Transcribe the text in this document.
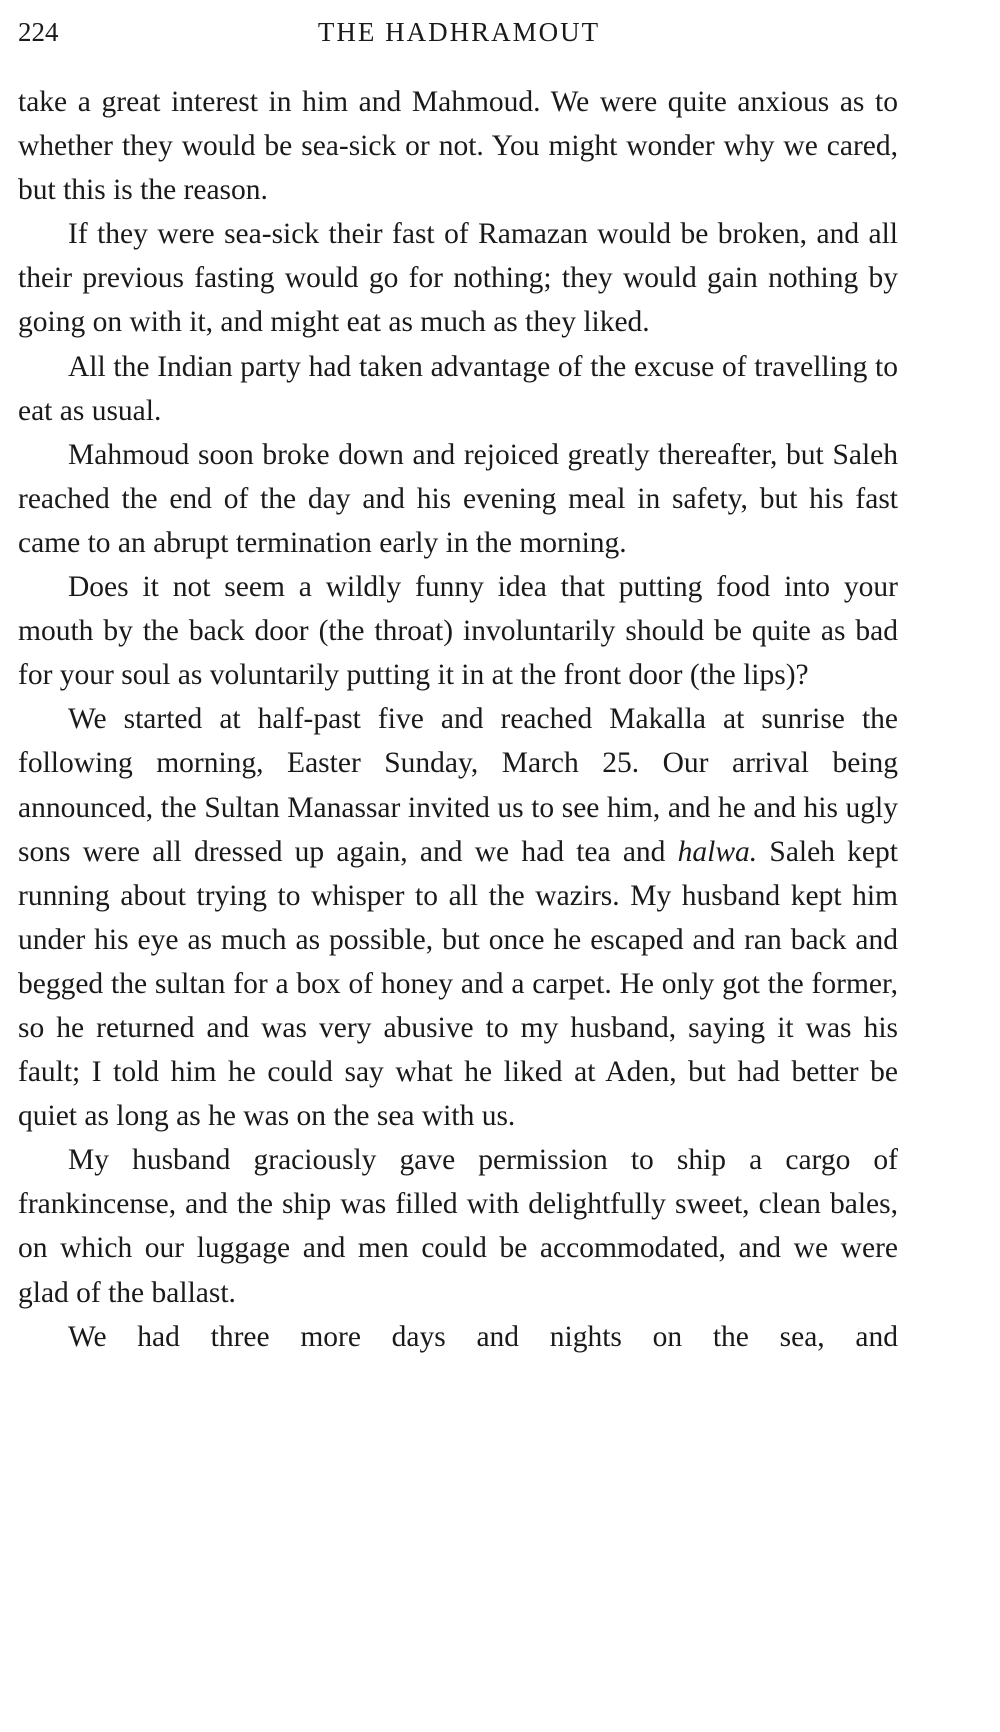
224	THE HADHRAMOUT

take a great interest in him and Mahmoud. We were quite anxious as to whether they would be sea-sick or not. You might wonder why we cared, but this is the reason.

If they were sea-sick their fast of Ramazan would be broken, and all their previous fasting would go for nothing; they would gain nothing by going on with it, and might eat as much as they liked.

All the Indian party had taken advantage of the excuse of travelling to eat as usual.

Mahmoud soon broke down and rejoiced greatly thereafter, but Saleh reached the end of the day and his evening meal in safety, but his fast came to an abrupt termination early in the morning.

Does it not seem a wildly funny idea that putting food into your mouth by the back door (the throat) involuntarily should be quite as bad for your soul as voluntarily putting it in at the front door (the lips)?

We started at half-past five and reached Makalla at sunrise the following morning, Easter Sunday, March 25. Our arrival being announced, the Sultan Manassar invited us to see him, and he and his ugly sons were all dressed up again, and we had tea and halwa. Saleh kept running about trying to whisper to all the wazirs. My husband kept him under his eye as much as possible, but once he escaped and ran back and begged the sultan for a box of honey and a carpet. He only got the former, so he returned and was very abusive to my husband, saying it was his fault; I told him he could say what he liked at Aden, but had better be quiet as long as he was on the sea with us.

My husband graciously gave permission to ship a cargo of frankincense, and the ship was filled with delightfully sweet, clean bales, on which our luggage and men could be accommodated, and we were glad of the ballast.

We had three more days and nights on the sea, and
